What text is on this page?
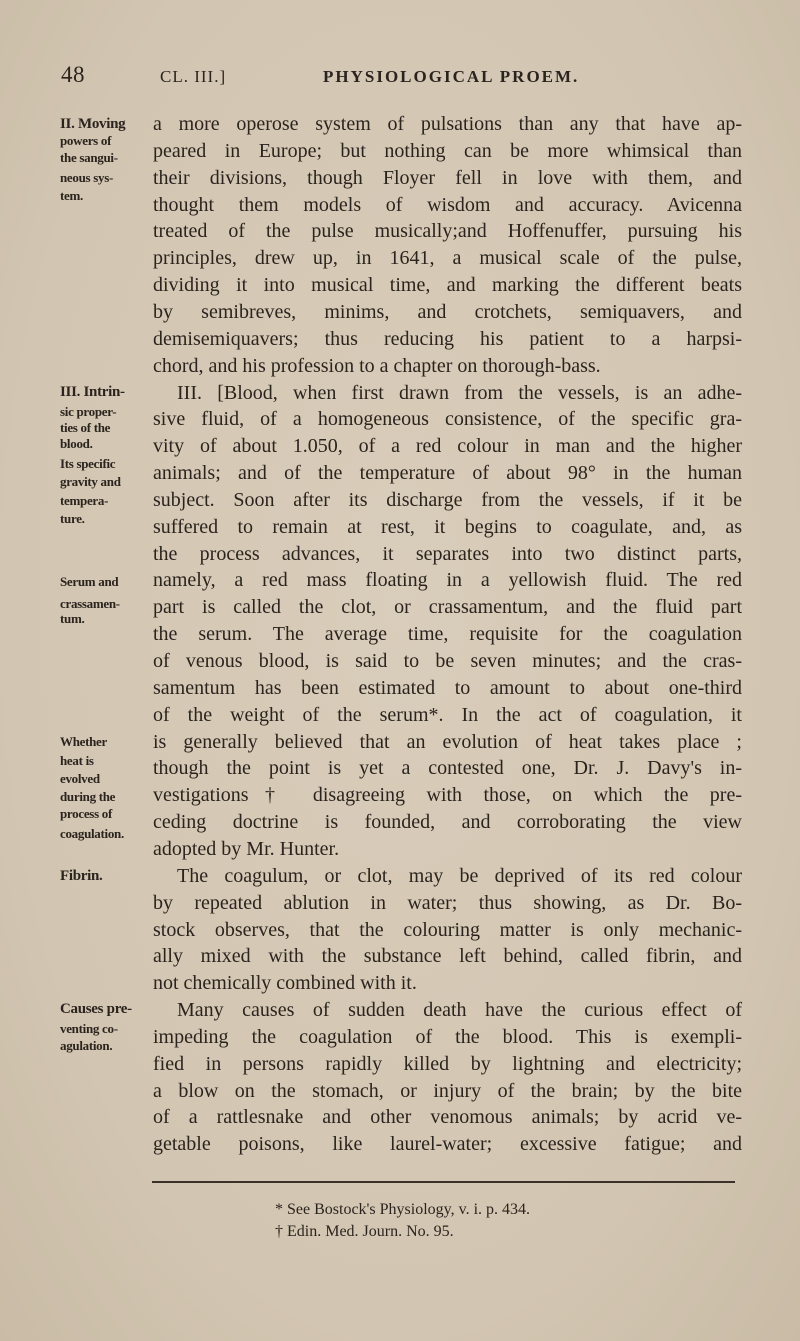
48	CL. III.]	PHYSIOLOGICAL PROEM.
a more operose system of pulsations than any that have ap-
peared in Europe; but nothing can be more whimsical than
their divisions, though Floyer fell in love with them, and
thought them models of wisdom and accuracy. Avicenna
treated of the pulse musically;and Hoffenuffer, pursuing his
principles, drew up, in 1641, a musical scale of the pulse,
dividing it into musical time, and marking the different beats
by semibreves, minims, and crotchets, semiquavers, and
demisemiquavers; thus reducing his patient to a harpsi-
chord, and his profession to a chapter on thorough-bass.
III. [Blood, when first drawn from the vessels, is an adhe-
sive fluid, of a homogeneous consistence, of the specific gra-
vity of about 1.050, of a red colour in man and the higher
animals; and of the temperature of about 98° in the human
subject. Soon after its discharge from the vessels, if it be
suffered to remain at rest, it begins to coagulate, and, as
the process advances, it separates into two distinct parts,
namely, a red mass floating in a yellowish fluid. The red
part is called the clot, or crassamentum, and the fluid part
the serum. The average time, requisite for the coagulation
of venous blood, is said to be seven minutes; and the cras-
samentum has been estimated to amount to about one-third
of the weight of the serum*. In the act of coagulation, it
is generally believed that an evolution of heat takes place ;
though the point is yet a contested one, Dr. J. Davy's in-
vestigations† disagreeing with those, on which the pre-
ceding doctrine is founded, and corroborating the view
adopted by Mr. Hunter.
The coagulum, or clot, may be deprived of its red colour
by repeated ablution in water; thus showing, as Dr. Bo-
stock observes, that the colouring matter is only mechanic-
ally mixed with the substance left behind, called fibrin, and
not chemically combined with it.
Many causes of sudden death have the curious effect of
impeding the coagulation of the blood. This is exempli-
fied in persons rapidly killed by lightning and electricity;
a blow on the stomach, or injury of the brain; by the bite
of a rattlesnake and other venomous animals; by acrid ve-
getable poisons, like laurel-water; excessive fatigue; and
II. Moving
powers of
the sangui-
neous sys-
tem.
III. Intrin-
sic proper-
ties of the
blood.
Its specific
gravity and
tempera-
ture.
Serum and
crassamen-
tum.
Whether
heat is
evolved
during the
process of
coagulation.
Fibrin.
Causes pre-
venting co-
agulation.
* See Bostock's Physiology, v. i. p. 434.
† Edin. Med. Journ. No. 95.
